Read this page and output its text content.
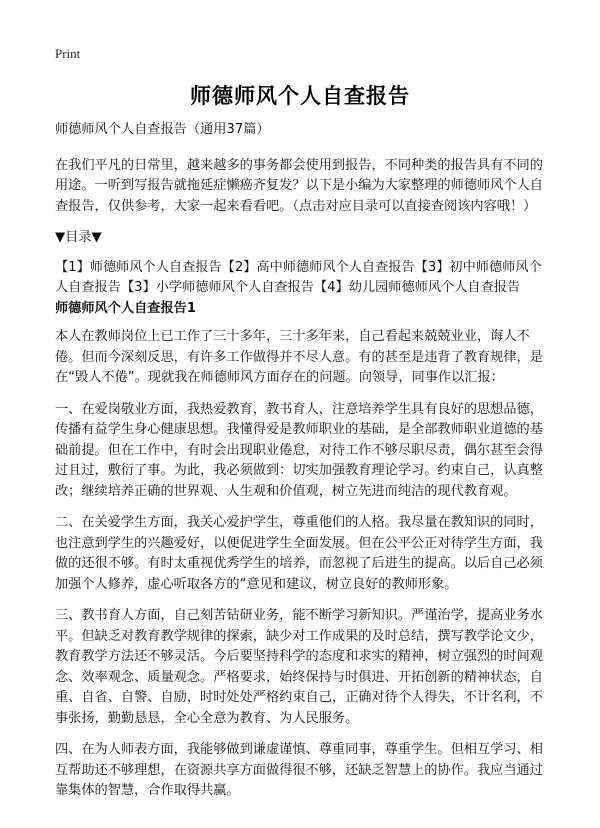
Print
师德师风个人自查报告

师德师风个人自查报告（通用37篇）

在我们平凡的日常里，越来越多的事务都会使用到报告，不同种类的报告具有不同的用途。一听到写报告就拖延症懒癌齐复发？以下是小编为大家整理的师德师风个人自查报告，仅供参考，大家一起来看看吧。（点击对应目录可以直接查阅该内容哦！）

▼目录▼

【1】师德师风个人自查报告【2】高中师德师风个人自查报告【3】初中师德师风个人自查报告【3】小学师德师风个人自查报告【4】幼儿园师德师风个人自查报告

师德师风个人自查报告1

本人在教师岗位上已工作了三十多年，三十多年来，自己看起来兢兢业业，诲人不倦。但而今深刻反思，有许多工作做得并不尽人意。有的甚至是违背了教育规律，是在“毁人不倦”。现就我在师德师风方面存在的问题。向领导，同事作以汇报：

一、在爱岗敬业方面，我热爱教育，教书育人，注意培养学生具有良好的思想品德，传播有益学生身心健康思想。我懂得爱是教师职业的基础，是全部教师职业道德的基础前提。但在工作中，有时会出现职业倦怠，对待工作不够尽职尽责，偶尔甚至会得过且过，敷衍了事。为此，我必须做到：切实加强教育理论学习。约束自己，认真整改；继续培养正确的世界观、人生观和价值观，树立先进而纯洁的现代教育观。

二、在关爱学生方面，我关心爱护学生，尊重他们的人格。我尽量在教知识的同时，也注意到学生的兴趣爱好，以便促进学生全面发展。但在公平公正对待学生方面，我做的还很不够。有时太重视优秀学生的培养，而忽视了后进生的提高。以后自己必须加强个人修养，虚心听取各方的“意见和建议，树立良好的教师形象。

三、教书育人方面，自己刻苦钻研业务，能不断学习新知识。严谨治学，提高业务水平。但缺乏对教育教学规律的探索，缺少对工作成果的及时总结，撰写教学论文少，教育教学方法还不够灵活。今后要坚持科学的态度和求实的精神，树立强烈的时间观念、效率观念、质量观念。严格要求，始终保持与时俱进、开拓创新的精神状态，自重、自省、自警、自励，时时处处严格约束自己，正确对待个人得失，不计名利，不事张扬，勤勤恳恳，全心全意为教育、为人民服务。

四、在为人师表方面，我能够做到谦虚谨慎、尊重同事，尊重学生。但相互学习、相互帮助还不够理想，在资源共享方面做得很不够，还缺乏智慧上的协作。我应当通过靠集体的智慧，合作取得共赢。
